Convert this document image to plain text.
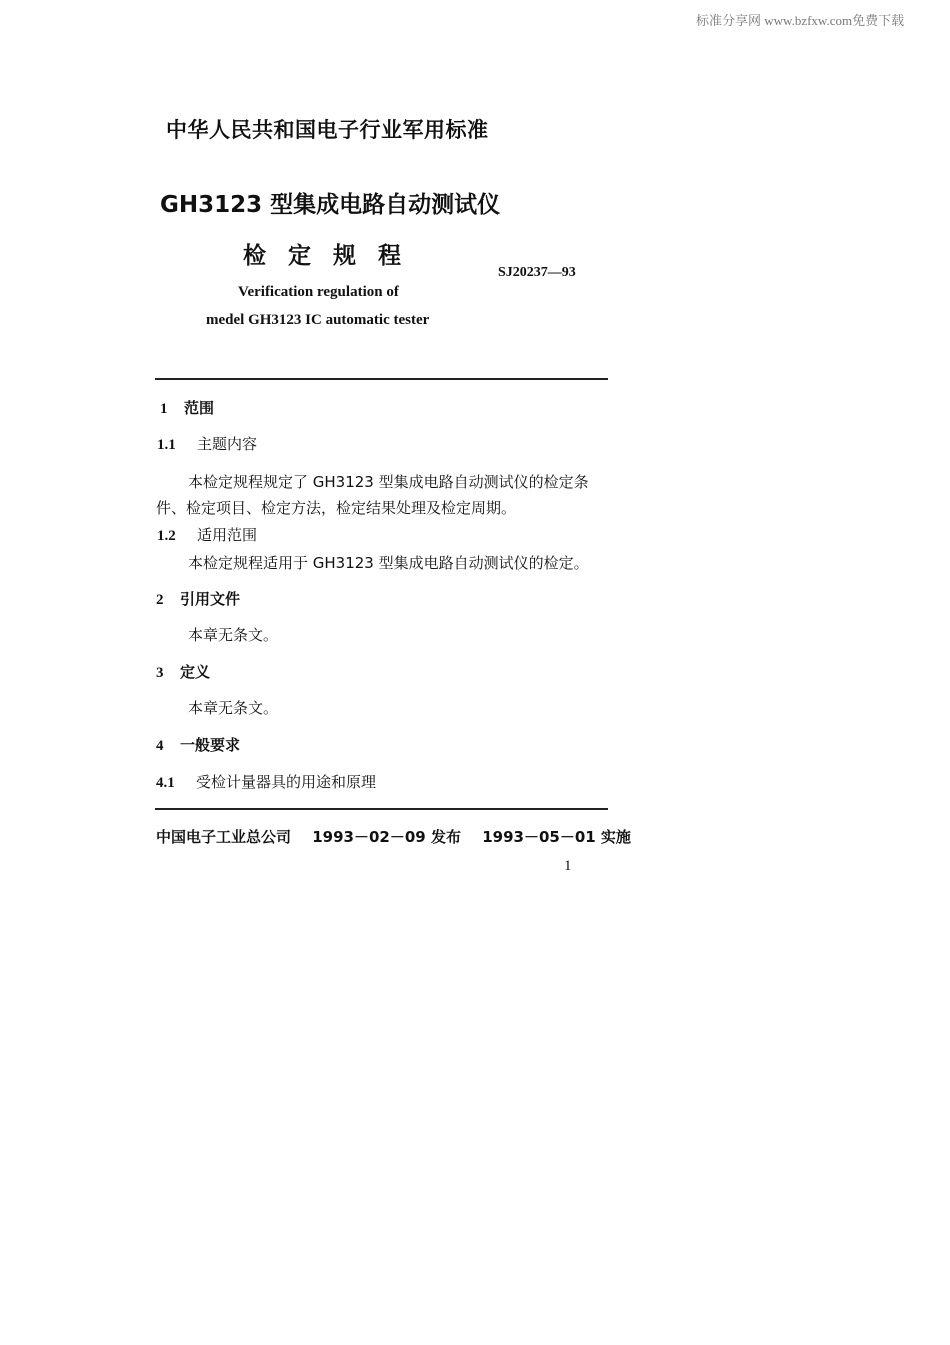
标准分享网 www.bzfxw.com免费下载
中华人民共和国电子行业军用标准
GH3123 型集成电路自动测试仪
检定规程
SJ20237—93
Verification regulation of
medel GH3123 IC automatic tester
1 范围
1.1 主题内容
本检定规程规定了 GH3123 型集成电路自动测试仪的检定条
件、检定项目、检定方法，检定结果处理及检定周期。
1.2 适用范围
本检定规程适用于 GH3123 型集成电路自动测试仪的检定。
2 引用文件
本章无条文。
3 定义
本章无条文。
4 一般要求
4.1 受检计量器具的用途和原理
中国电子工业总公司 1993－02－09 发布 1993－05－01 实施
1
